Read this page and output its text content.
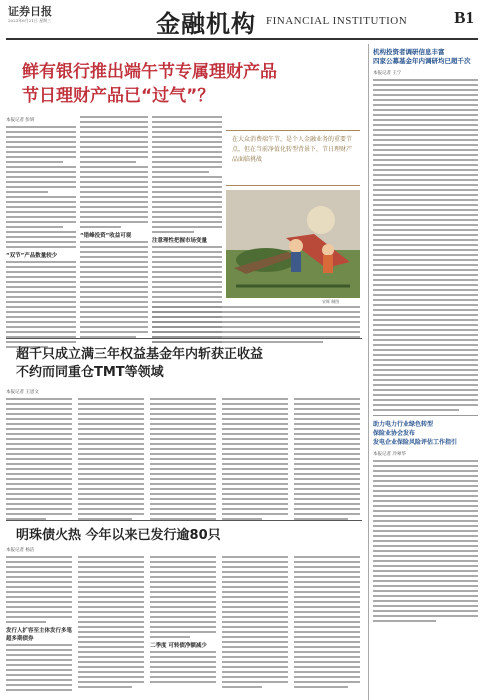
证券日报
2023年6月21日 星期三	金融机构 FINANCIAL INSTITUTION	B1
鲜有银行推出端午节专属理财产品
节日理财产品已“过气”？
本报记者 彭妍
“双节”产品数量较少
“错峰投资”收益可观
注意理性把握市场变量
在大众消费端午节，是个人金融业务的重要节点，但在当前净值化转型背景下，节日理财产品面临挑战
宋辉 制图
超千只成立满三年权益基金年内斩获正收益
不约而同重仓TMT等领域
本报记者 王思文
明珠债火热 今年以来已发行逾80只
本报记者 杨洁
发行人扩容至主体发行多笔超多期债券
二季度 可转债净额减少
机构投资者调研信息丰富
四家公募基金年内调研均已超千次
本报记者 王宁
助力电力行业绿色转型
保险业协会发布
发电企业保险风险评估工作指引
本报记者 冷翠华
